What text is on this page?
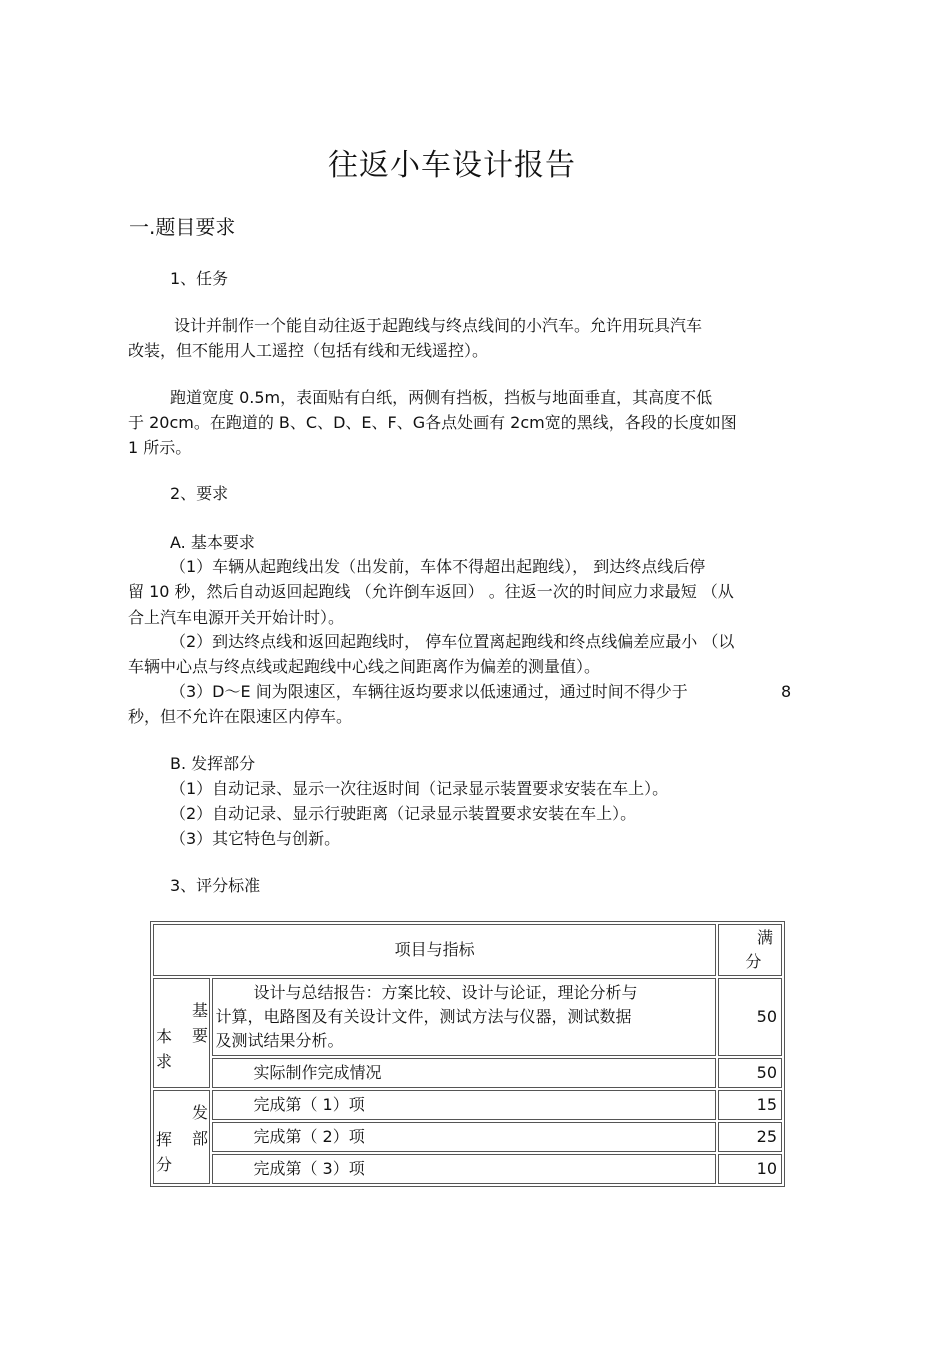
往返小车设计报告
一.题目要求
1、任务
设计并制作一个能自动往返于起跑线与终点线间的小汽车。允许用玩具汽车
改装，但不能用人工遥控（包括有线和无线遥控）。
跑道宽度 0.5m，表面贴有白纸，两侧有挡板，挡板与地面垂直，其高度不低
于 20cm。在跑道的 B、C、D、E、F、G各点处画有 2cm宽的黑线，各段的长度如图
1 所示。
2、要求
A. 基本要求
（1）车辆从起跑线出发（出发前，车体不得超出起跑线）， 到达终点线后停
留 10 秒，然后自动返回起跑线 （允许倒车返回） 。往返一次的时间应力求最短 （从
合上汽车电源开关开始计时）。
（2）到达终点线和返回起跑线时， 停车位置离起跑线和终点线偏差应最小 （以
车辆中心点与终点线或起跑线中心线之间距离作为偏差的测量值）。
（3）D～E 间为限速区，车辆往返均要求以低速通过，通过时间不得少于	8
秒，但不允许在限速区内停车。
B. 发挥部分
（1）自动记录、显示一次往返时间（记录显示装置要求安装在车上）。
（2）自动记录、显示行驶距离（记录显示装置要求安装在车上）。
（3）其它特色与创新。
3、评分标准
项目与指标		满
分

基
要
本
求	设计与总结报告：方案比较、设计与论证，理论分析与
计算，电路图及有关设计文件，测试方法与仪器，测试数据
及测试结果分析。	50
	实际制作完成情况	50

发
部
挥
分	完成第（ 1）项	15
	完成第（ 2）项	25
	完成第（ 3）项	10
